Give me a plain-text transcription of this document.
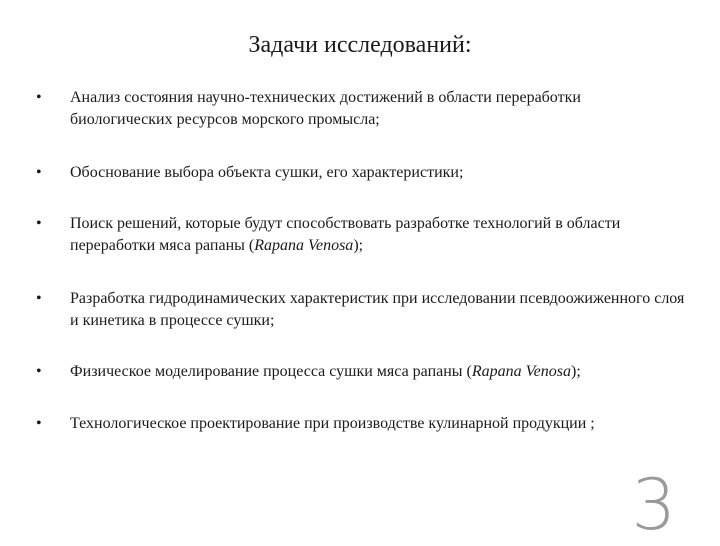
Задачи исследований:
•	Анализ состояния научно-технических достижений в области переработки биологических ресурсов морского промысла;
•	Обоснование выбора объекта сушки, его характеристики;
•	Поиск решений, которые будут способствовать разработке технологий в области переработки мяса рапаны (Rapana Venosa);
•	Разработка гидродинамических характеристик при исследовании псевдоожиженного слоя и кинетика в процессе сушки;
•	Физическое моделирование процесса сушки мяса рапаны (Rapana Venosa);
•	Технологическое проектирование при производстве кулинарной продукции ;
3
